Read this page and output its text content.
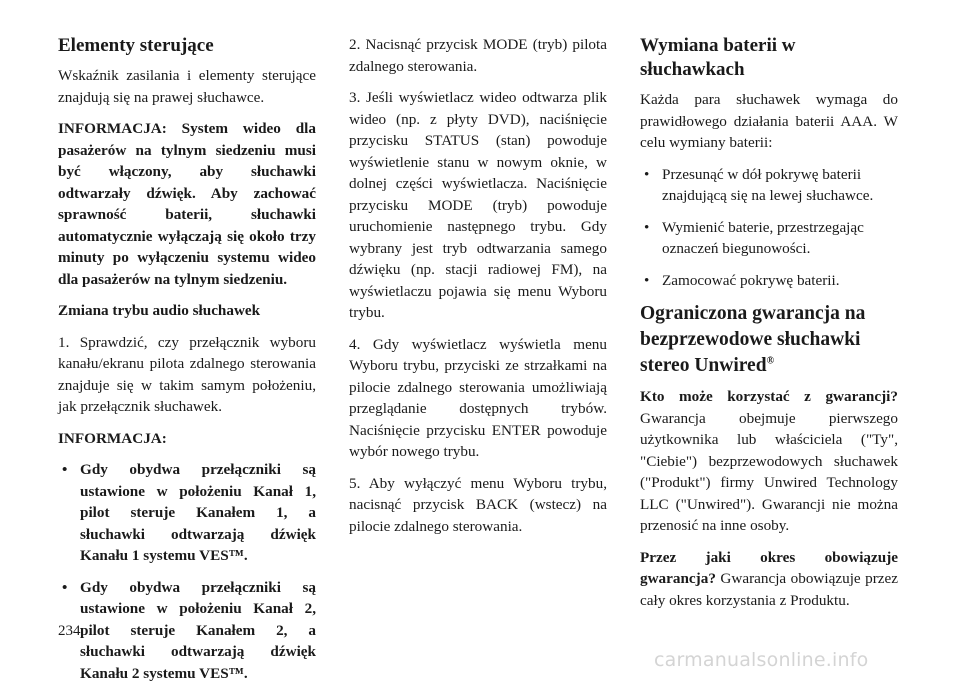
Elementy sterujące

Wskaźnik zasilania i elementy sterujące znajdują się na prawej słuchawce.

INFORMACJA: System wideo dla pasażerów na tylnym siedzeniu musi być włączony, aby słuchawki odtwarzały dźwięk. Aby zachować sprawność baterii, słuchawki automatycznie wyłączają się około trzy minuty po wyłączeniu systemu wideo dla pasażerów na tylnym siedzeniu.

Zmiana trybu audio słuchawek

1. Sprawdzić, czy przełącznik wyboru kanału/ekranu pilota zdalnego sterowania znajduje się w takim samym położeniu, jak przełącznik słuchawek.

INFORMACJA:

• Gdy obydwa przełączniki są ustawione w położeniu Kanał 1, pilot steruje Kanałem 1, a słuchawki odtwarzają dźwięk Kanału 1 systemu VES™.
• Gdy obydwa przełączniki są ustawione w położeniu Kanał 2, pilot steruje Kanałem 2, a słuchawki odtwarzają dźwięk Kanału 2 systemu VES™.

2. Nacisnąć przycisk MODE (tryb) pilota zdalnego sterowania.

3. Jeśli wyświetlacz wideo odtwarza plik wideo (np. z płyty DVD), naciśnięcie przycisku STATUS (stan) powoduje wyświetlenie stanu w nowym oknie, w dolnej części wyświetlacza. Naciśnięcie przycisku MODE (tryb) powoduje uruchomienie następnego trybu. Gdy wybrany jest tryb odtwarzania samego dźwięku (np. stacji radiowej FM), na wyświetlaczu pojawia się menu Wyboru trybu.

4. Gdy wyświetlacz wyświetla menu Wyboru trybu, przyciski ze strzałkami na pilocie zdalnego sterowania umożliwiają przeglądanie dostępnych trybów. Naciśnięcie przycisku ENTER powoduje wybór nowego trybu.

5. Aby wyłączyć menu Wyboru trybu, nacisnąć przycisk BACK (wstecz) na pilocie zdalnego sterowania.

Wymiana baterii w słuchawkach

Każda para słuchawek wymaga do prawidłowego działania baterii AAA. W celu wymiany baterii:

• Przesunąć w dół pokrywę baterii znajdującą się na lewej słuchawce.
• Wymienić baterie, przestrzegając oznaczeń biegunowości.
• Zamocować pokrywę baterii.
Ograniczona gwarancja na bezprzewodowe słuchawki stereo Unwired®

Kto może korzystać z gwarancji? Gwarancja obejmuje pierwszego użytkownika lub właściciela ("Ty", "Ciebie") bezprzewodowych słuchawek ("Produkt") firmy Unwired Technology LLC ("Unwired"). Gwarancji nie można przenosić na inne osoby.

Przez jaki okres obowiązuje gwarancja? Gwarancja obowiązuje przez cały okres korzystania z Produktu.

234
carmanualsonline.info
